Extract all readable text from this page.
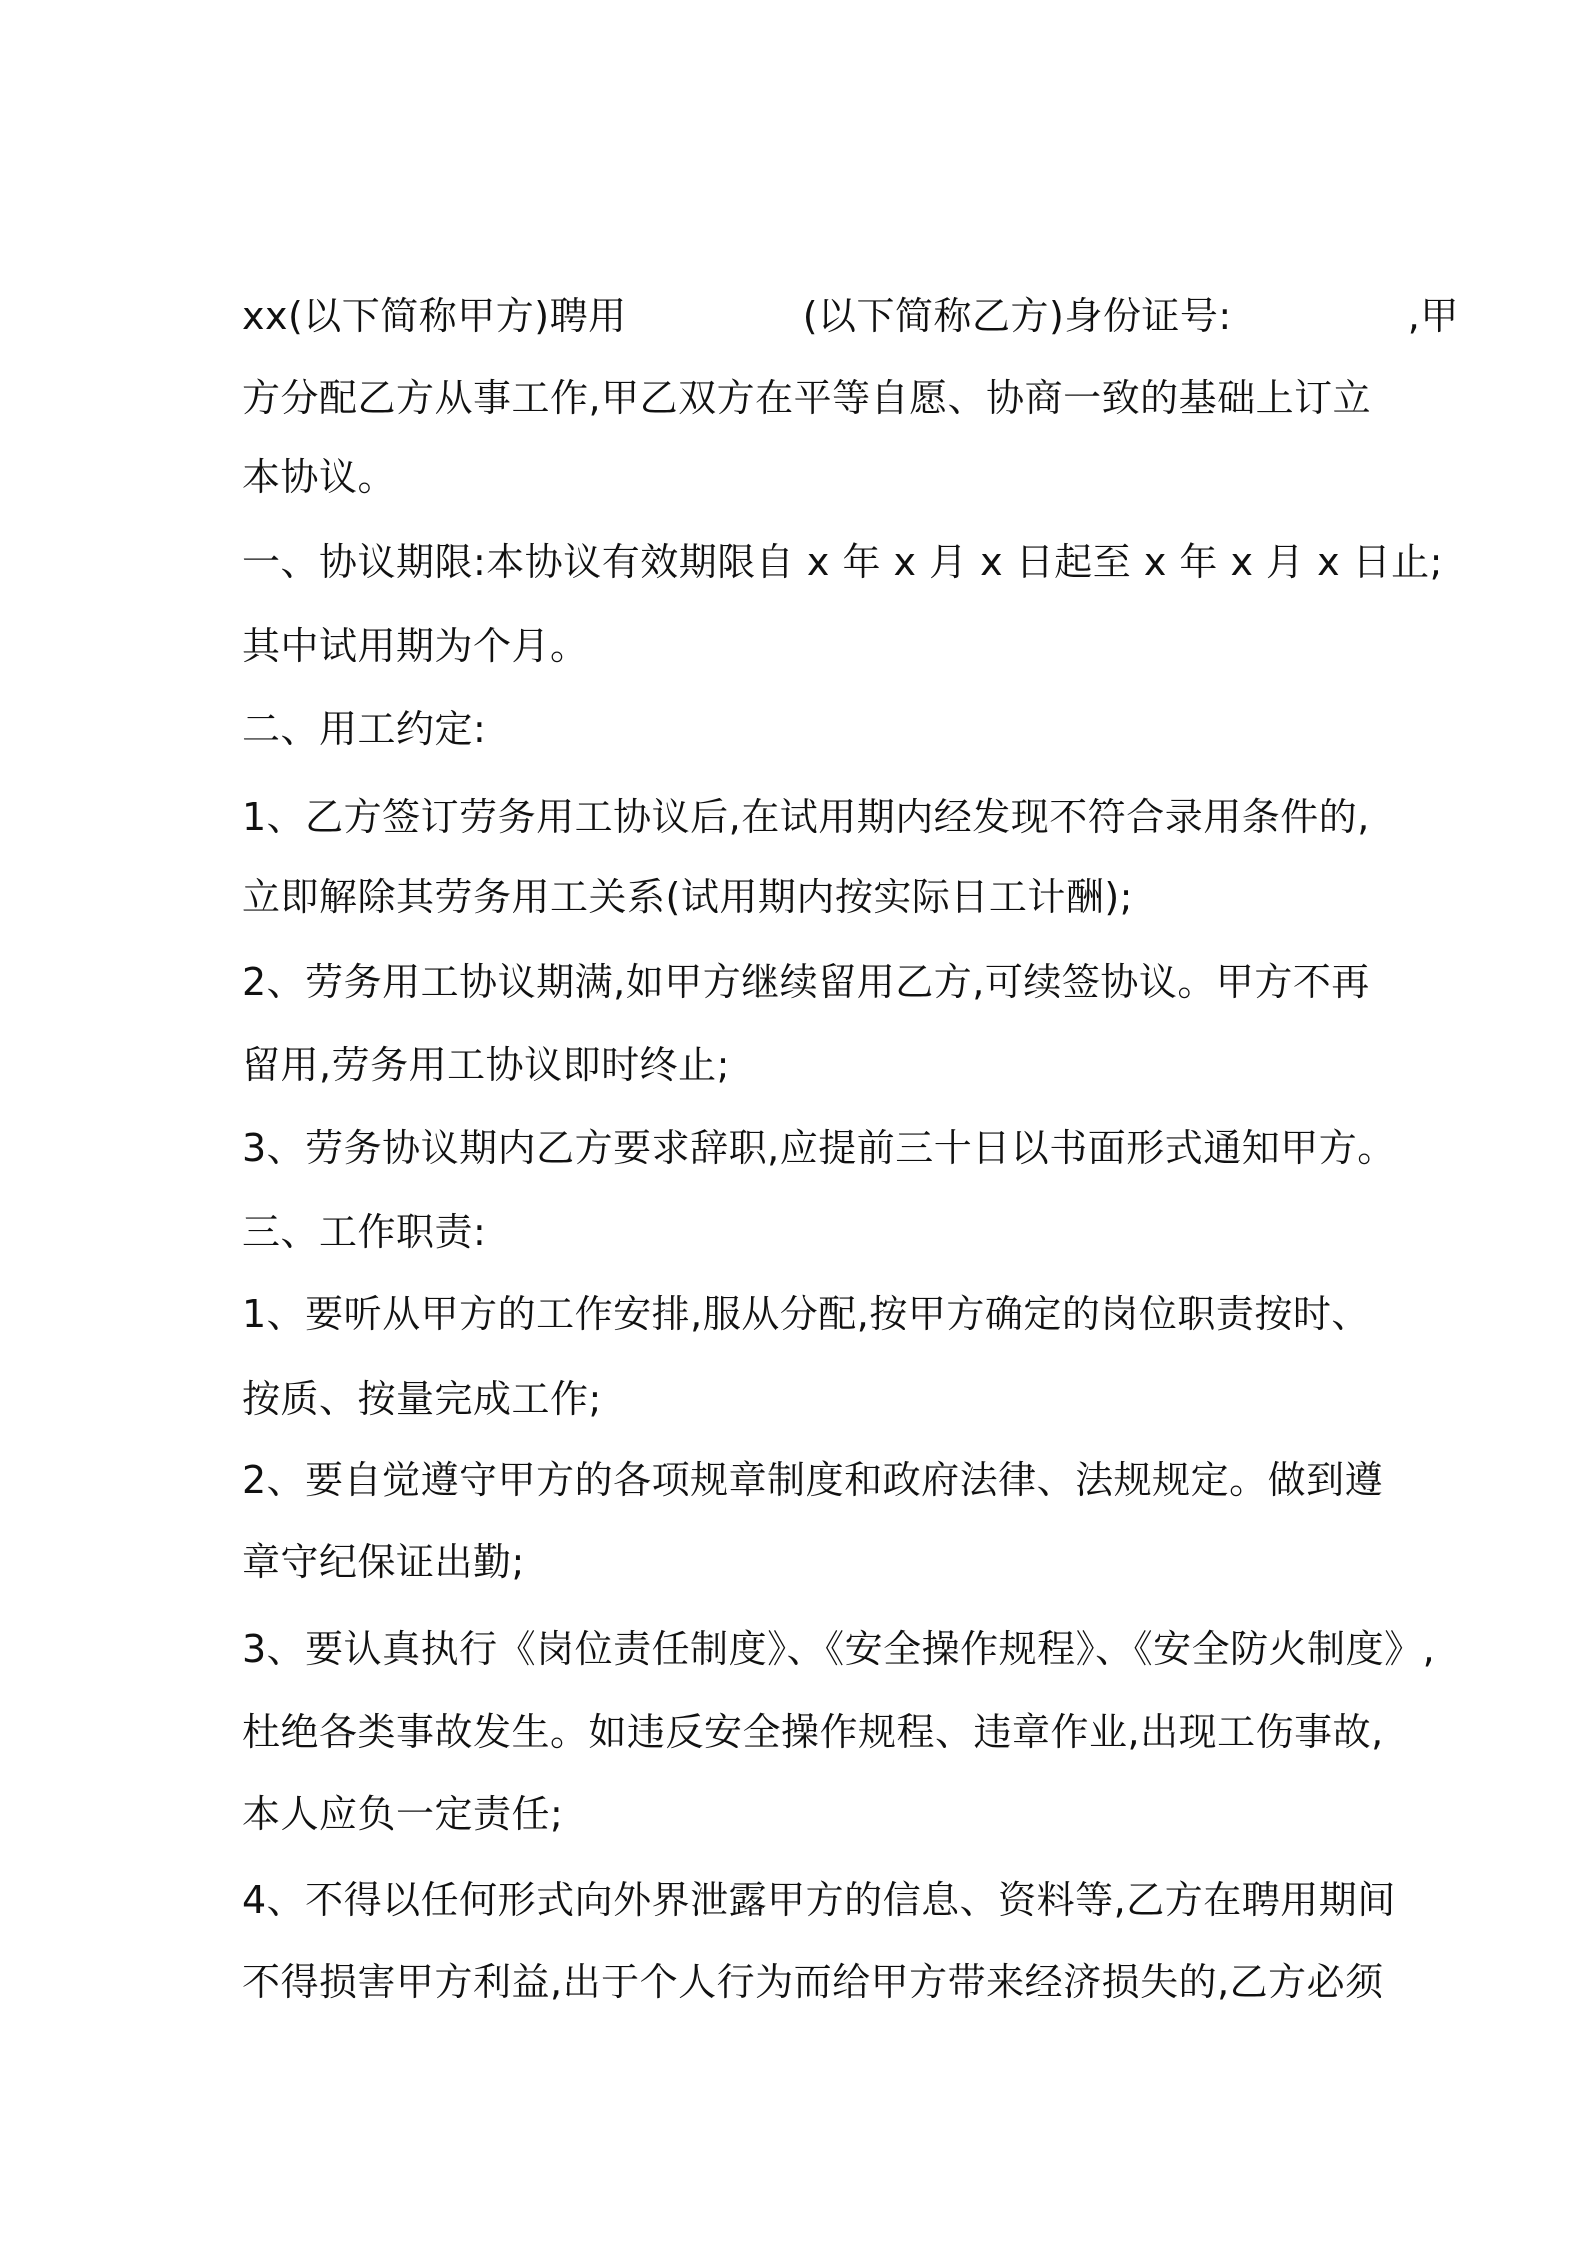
xx(以下简称甲方)聘用              (以下简称乙方)身份证号:              ,甲
方分配乙方从事工作,甲乙双方在平等自愿、协商一致的基础上订立
本协议。
一、协议期限:本协议有效期限自 x 年 x 月 x 日起至 x 年 x 月 x 日止;
其中试用期为个月。
二、用工约定:
1、乙方签订劳务用工协议后,在试用期内经发现不符合录用条件的,
立即解除其劳务用工关系(试用期内按实际日工计酬);
2、劳务用工协议期满,如甲方继续留用乙方,可续签协议。甲方不再
留用,劳务用工协议即时终止;
3、劳务协议期内乙方要求辞职,应提前三十日以书面形式通知甲方。
三、工作职责:
1、要听从甲方的工作安排,服从分配,按甲方确定的岗位职责按时、
按质、按量完成工作;
2、要自觉遵守甲方的各项规章制度和政府法律、法规规定。做到遵
章守纪保证出勤;
3、要认真执行《岗位责任制度》、《安全操作规程》、《安全防火制度》,
杜绝各类事故发生。如违反安全操作规程、违章作业,出现工伤事故,
本人应负一定责任;
4、不得以任何形式向外界泄露甲方的信息、资料等,乙方在聘用期间
不得损害甲方利益,出于个人行为而给甲方带来经济损失的,乙方必须
